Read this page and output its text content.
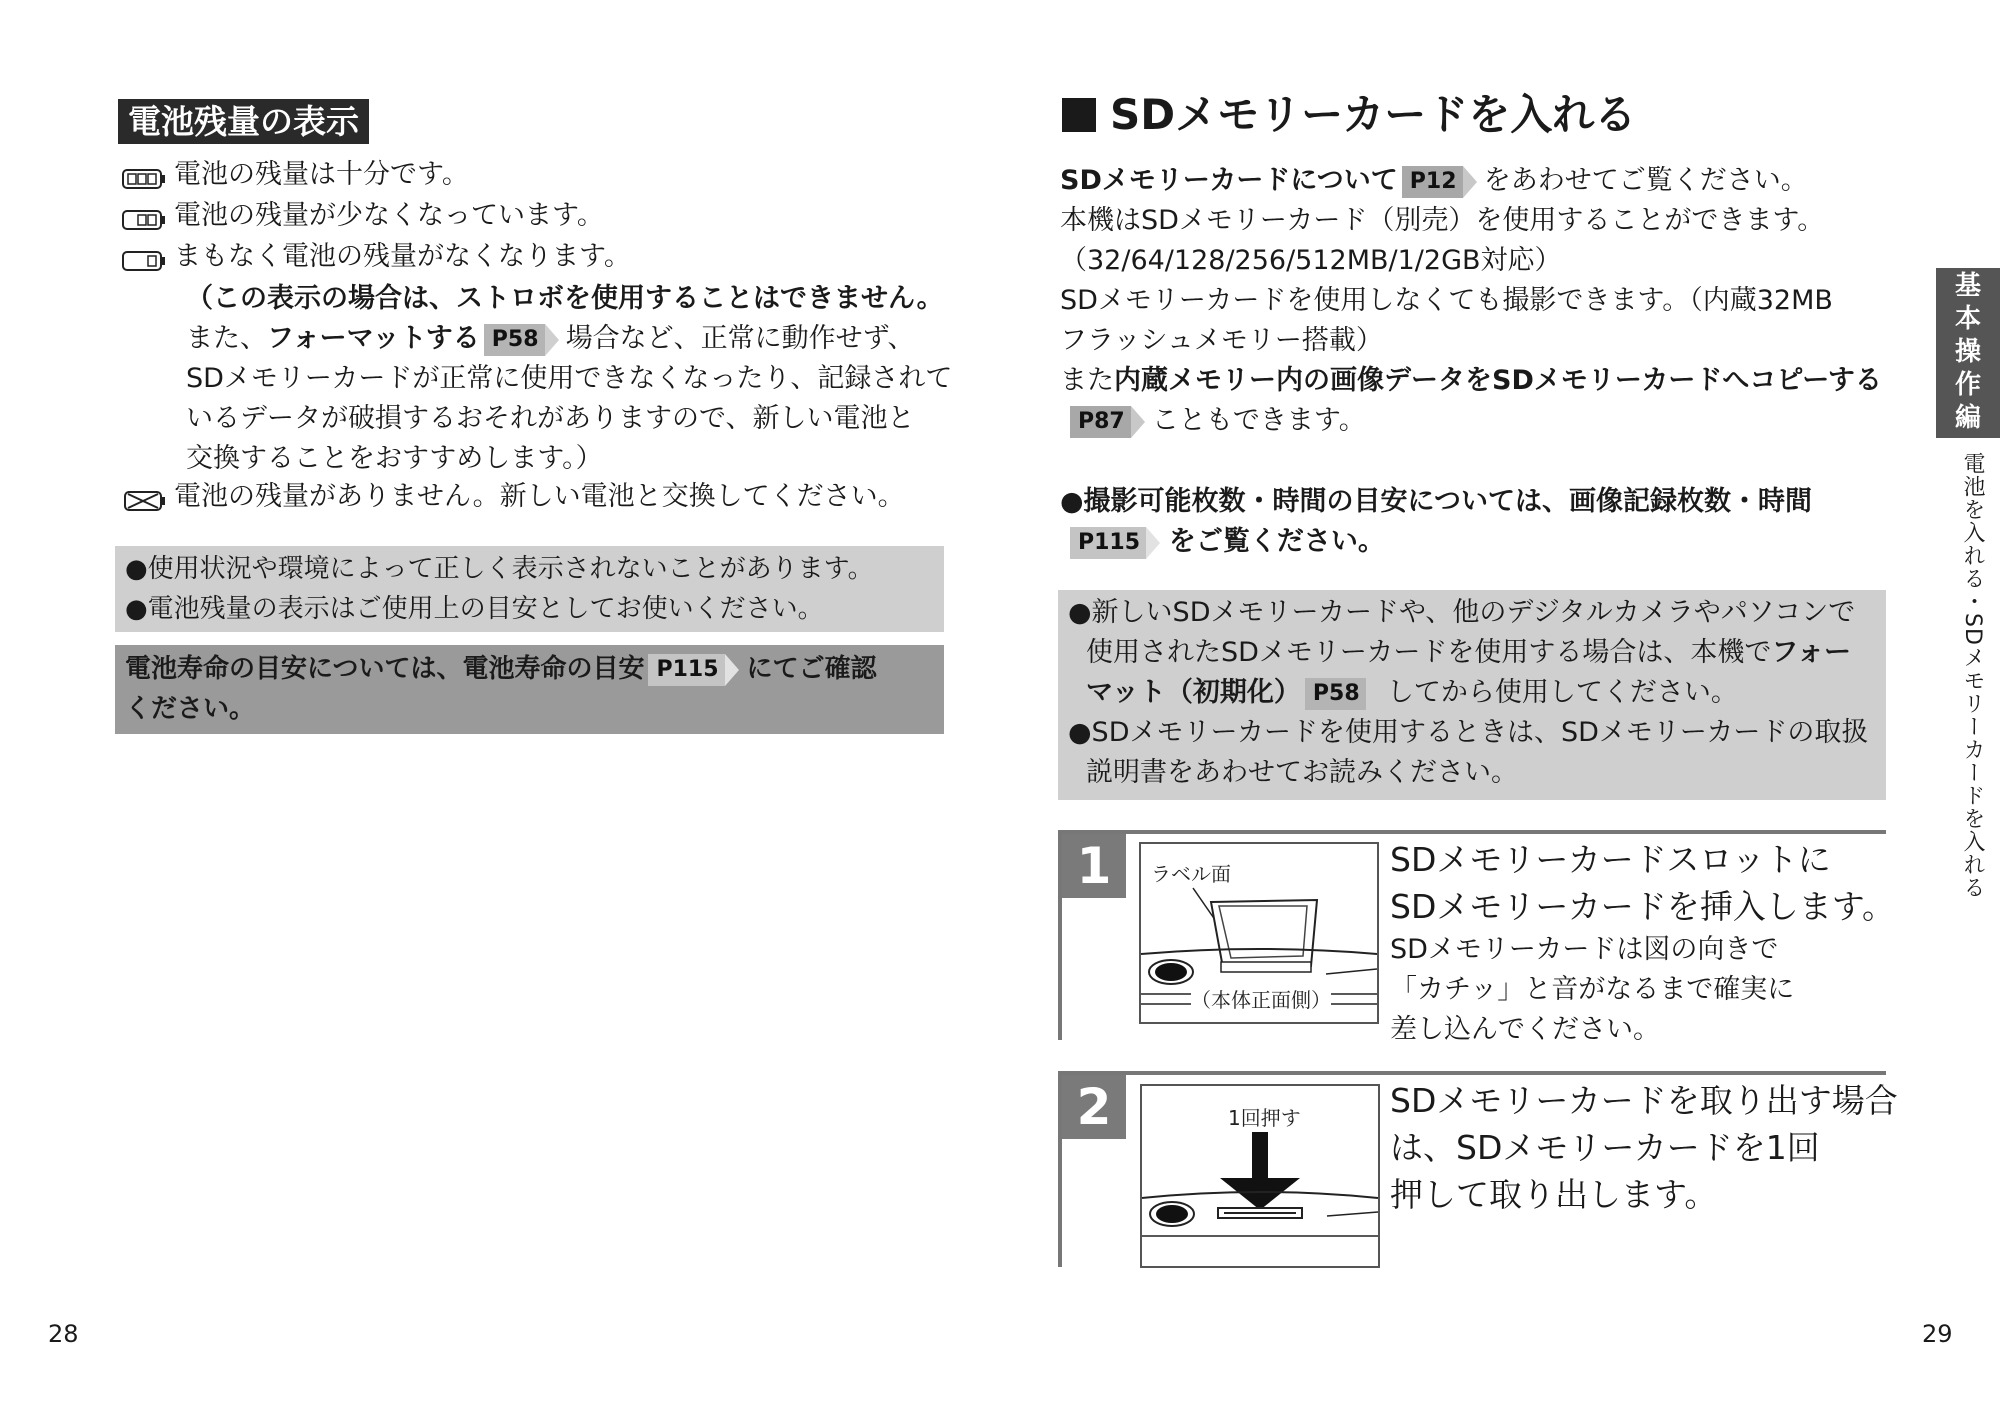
電池残量の表示
電池の残量は十分です。
電池の残量が少なくなっています。
まもなく電池の残量がなくなります。
（この表示の場合は、ストロボを使用することはできません。
また、フォーマットする P58 場合など、正常に動作せず、
SDメモリーカードが正常に使用できなくなったり、記録されて
いるデータが破損するおそれがありますので、新しい電池と
交換することをおすすめします。）
電池の残量がありません。新しい電池と交換してください。
●使用状況や環境によって正しく表示されないことがあります。
●電池残量の表示はご使用上の目安としてお使いください。
電池寿命の目安については、電池寿命の目安 P115 にてご確認
ください。
28
SDメモリーカードを入れる
SDメモリーカードについて P12 をあわせてご覧ください。
本機はSDメモリーカード（別売）を使用することができます。
（32/64/128/256/512MB/1/2GB対応）
SDメモリーカードを使用しなくても撮影できます。（内蔵32MB
フラッシュメモリー搭載）
また内蔵メモリー内の画像データをSDメモリーカードへコピーする
P87 こともできます。
●撮影可能枚数・時間の目安については、画像記録枚数・時間
P115 をご覧ください。
●新しいSDメモリーカードや、他のデジタルカメラやパソコンで
使用されたSDメモリーカードを使用する場合は、本機でフォー
マット（初期化） P58 してから使用してください。
●SDメモリーカードを使用するときは、SDメモリーカードの取扱
説明書をあわせてお読みください。
1	ラベル面
（本体正面側）
SDメモリーカードスロットに
SDメモリーカードを挿入します。
SDメモリーカードは図の向きで
「カチッ」と音がなるまで確実に
差し込んでください。
2	1回押す	SDメモリーカードを取り出す場合
は、SDメモリーカードを1回
押して取り出します。
基
本
操
作
編
電池を入れる・SDメモリーカードを入れる
29
